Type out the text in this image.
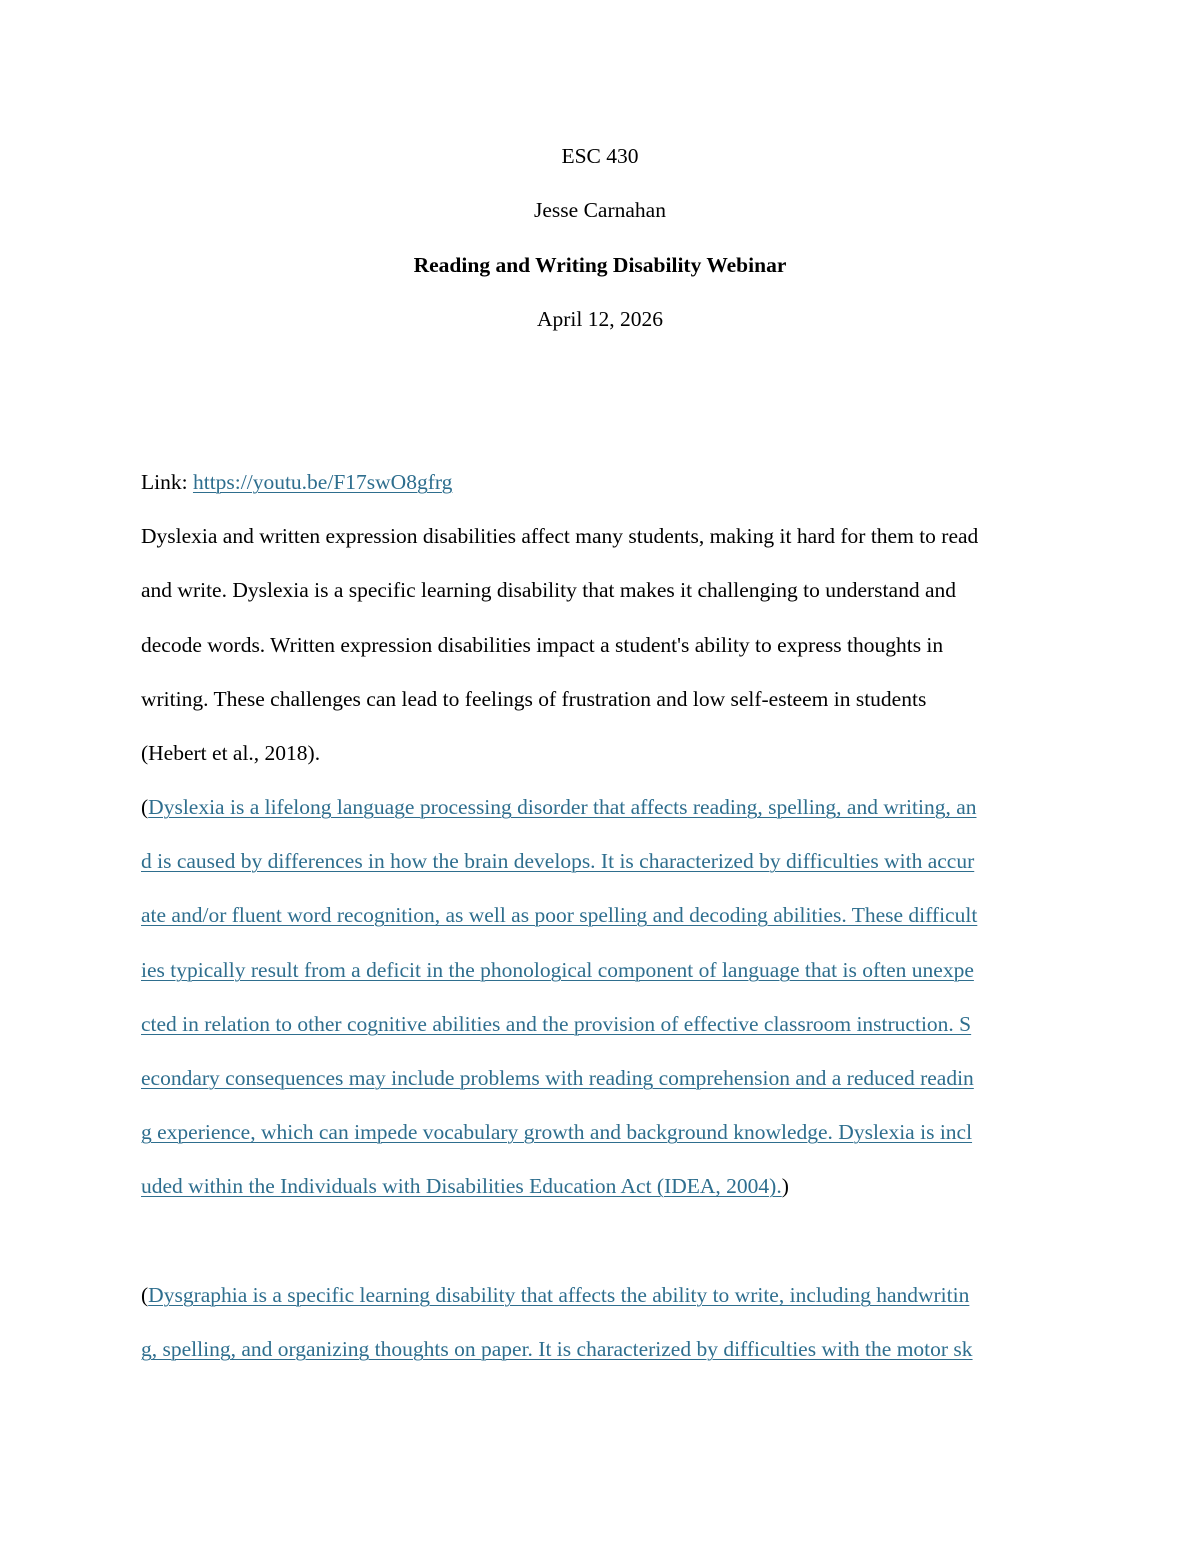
ESC 430
Jesse Carnahan
Reading and Writing Disability Webinar
April 12, 2026
Link: https://youtu.be/F17swO8gfrg
Dyslexia and written expression disabilities affect many students, making it hard for them to read
and write. Dyslexia is a specific learning disability that makes it challenging to understand and
decode words. Written expression disabilities impact a student's ability to express thoughts in
writing. These challenges can lead to feelings of frustration and low self-esteem in students
(Hebert et al., 2018).
(Dyslexia is a lifelong language processing disorder that affects reading, spelling, and writing, an
d is caused by differences in how the brain develops. It is characterized by difficulties with accur
ate and/or fluent word recognition, as well as poor spelling and decoding abilities. These difficult
ies typically result from a deficit in the phonological component of language that is often unexpe
cted in relation to other cognitive abilities and the provision of effective classroom instruction. S
econdary consequences may include problems with reading comprehension and a reduced readin
g experience, which can impede vocabulary growth and background knowledge. Dyslexia is incl
uded within the Individuals with Disabilities Education Act (IDEA, 2004).)
(Dysgraphia is a specific learning disability that affects the ability to write, including handwritin
g, spelling, and organizing thoughts on paper. It is characterized by difficulties with the motor sk
